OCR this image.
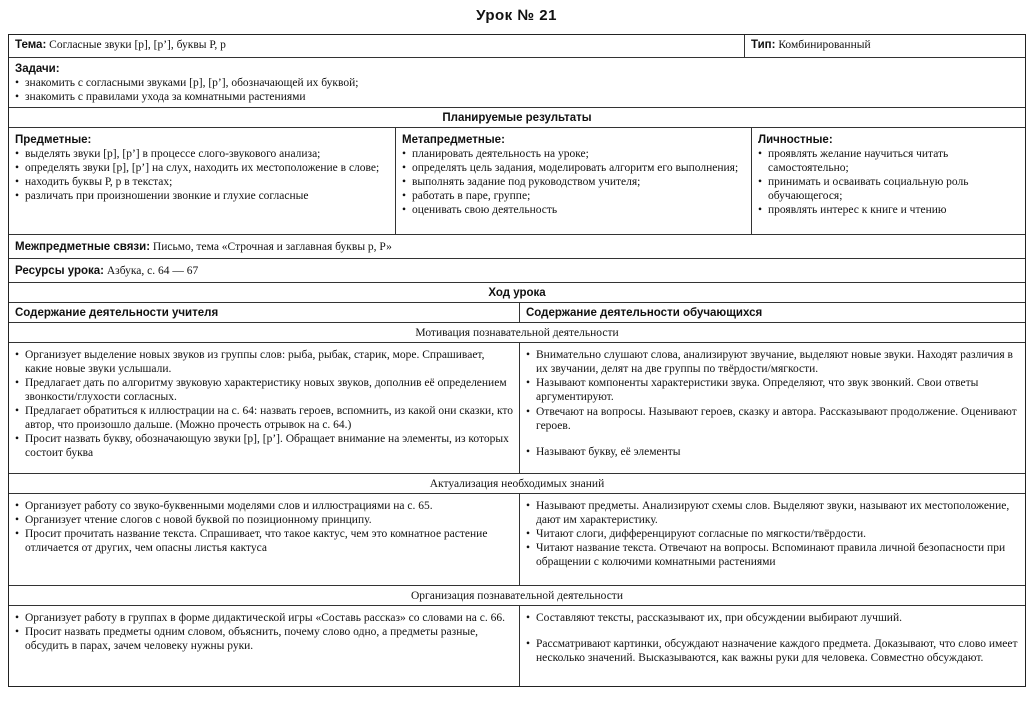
Урок № 21
Тема: Согласные звуки [р], [р’], буквы Р, р	Тип: Комбинированный
Задачи:
• знакомить с согласными звуками [р], [р’], обозначающей их буквой;
• знакомить с правилами ухода за комнатными растениями
Планируемые результаты
Предметные:
• выделять звуки [р], [р’] в процессе слого-звукового анализа;
• определять звуки [р], [р’] на слух, находить их местоположение в слове;
• находить буквы Р, р в текстах;
• различать при произношении звонкие и глухие согласные
Метапредметные:
• планировать деятельность на уроке;
• определять цель задания, моделировать алгоритм его выполнения;
• выполнять задание под руководством учителя;
• работать в паре, группе;
• оценивать свою деятельность
Личностные:
• проявлять желание научиться читать самостоятельно;
• принимать и осваивать социальную роль обучающегося;
• проявлять интерес к книге и чтению
Межпредметные связи: Письмо, тема «Строчная и заглавная буквы р, Р»
Ресурсы урока: Азбука, с. 64 — 67
Ход урока
Содержание деятельности учителя	Содержание деятельности обучающихся
Мотивация познавательной деятельности
• Организует выделение новых звуков из группы слов: рыба, рыбак, старик, море. Спрашивает, какие новые звуки услышали.
• Предлагает дать по алгоритму звуковую характеристику новых звуков, дополнив её определением звонкости/глухости согласных.
• Предлагает обратиться к иллюстрации на с. 64: назвать героев, вспомнить, из какой они сказки, кто автор, что произошло дальше. (Можно прочесть отрывок на с. 64.)
• Просит назвать букву, обозначающую звуки [р], [р’]. Обращает внимание на элементы, из которых состоит буква
• Внимательно слушают слова, анализируют звучание, выделяют новые звуки. Находят различия в их звучании, делят на две группы по твёрдости/мягкости.
• Называют компоненты характеристики звука. Определяют, что звук звонкий. Свои ответы аргументируют.
• Отвечают на вопросы. Называют героев, сказку и автора. Рассказывают продолжение. Оценивают героев.
• Называют букву, её элементы
Актуализация необходимых знаний
• Организует работу со звуко-буквенными моделями слов и иллюстрациями на с. 65.
• Организует чтение слогов с новой буквой по позиционному принципу.
• Просит прочитать название текста. Спрашивает, что такое кактус, чем это комнатное растение отличается от других, чем опасны листья кактуса
• Называют предметы. Анализируют схемы слов. Выделяют звуки, называют их местоположение, дают им характеристику.
• Читают слоги, дифференцируют согласные по мягкости/твёрдости.
• Читают название текста. Отвечают на вопросы. Вспоминают правила личной безопасности при обращении с колючими комнатными растениями
Организация познавательной деятельности
• Организует работу в группах в форме дидактической игры «Составь рассказ» со словами на с. 66.
• Просит назвать предметы одним словом, объяснить, почему слово одно, а предметы разные, обсудить в парах, зачем человеку нужны руки.
• Составляют тексты, рассказывают их, при обсуждении выбирают лучший.
• Рассматривают картинки, обсуждают назначение каждого предмета. Доказывают, что слово имеет несколько значений. Высказываются, как важны руки для человека. Совместно обсуждают.
